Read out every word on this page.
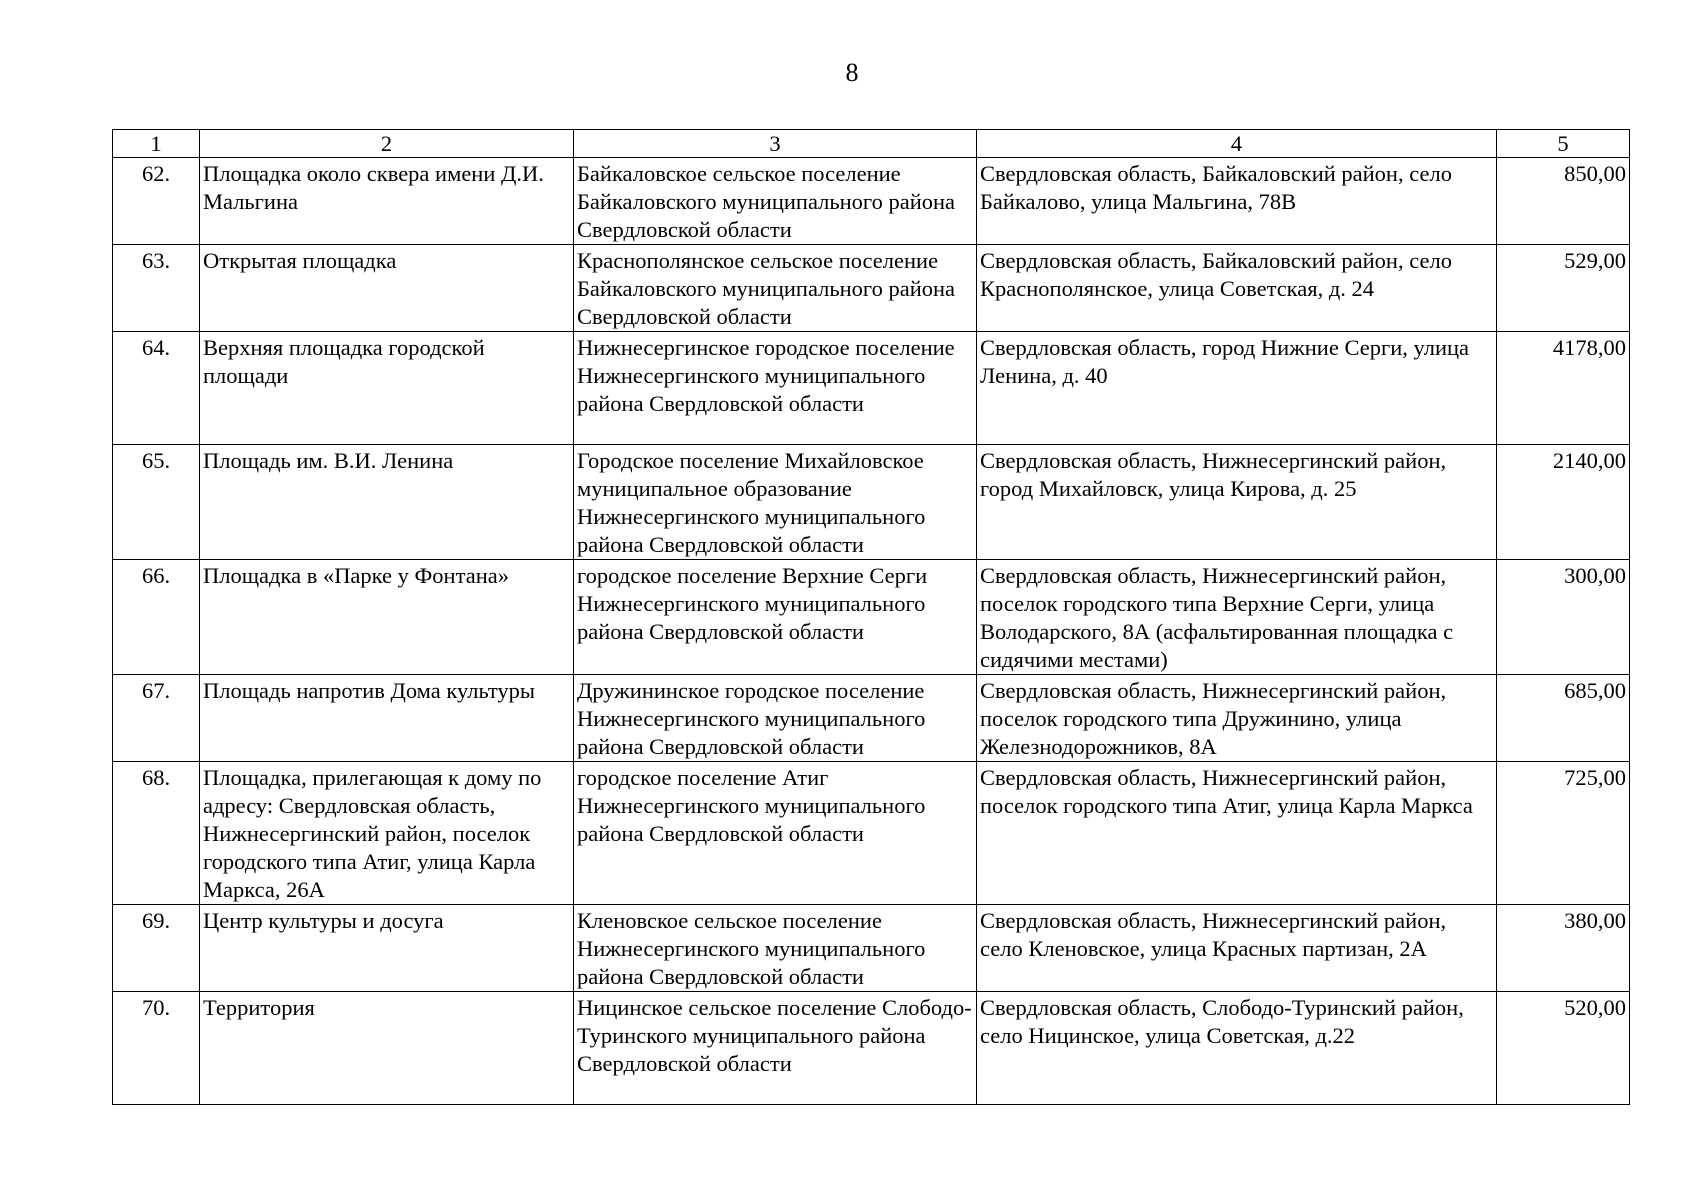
8
1	2	3	4	5
62.	Площадка около сквера имени Д.И. Мальгина	Байкаловское сельское поселение Байкаловского муниципального района Свердловской области	Свердловская область, Байкаловский район, село Байкалово, улица Мальгина, 78В	850,00
63.	Открытая площадка	Краснополянское сельское поселение Байкаловского муниципального района Свердловской области	Свердловская область, Байкаловский район, село Краснополянское, улица Советская, д. 24	529,00
64.	Верхняя площадка городской площади	Нижнесергинское городское поселение Нижнесергинского муниципального района Свердловской области	Свердловская область, город Нижние Серги, улица Ленина, д. 40	4178,00
65.	Площадь им. В.И. Ленина	Городское поселение Михайловское муниципальное образование Нижнесергинского муниципального района Свердловской области	Свердловская область, Нижнесергинский район, город Михайловск, улица Кирова, д. 25	2140,00
66.	Площадка в «Парке у Фонтана»	городское поселение Верхние Серги Нижнесергинского муниципального района Свердловской области	Свердловская область, Нижнесергинский район, поселок городского типа Верхние Серги, улица Володарского, 8А (асфальтированная площадка с сидячими местами)	300,00
67.	Площадь напротив Дома культуры	Дружининское городское поселение Нижнесергинского муниципального района Свердловской области	Свердловская область, Нижнесергинский район, поселок городского типа Дружинино, улица Железнодорожников, 8А	685,00
68.	Площадка, прилегающая к дому по адресу: Свердловская область, Нижнесергинский район, поселок городского типа Атиг, улица Карла Маркса, 26А	городское поселение Атиг Нижнесергинского муниципального района Свердловской области	Свердловская область, Нижнесергинский район, поселок городского типа Атиг, улица Карла Маркса	725,00
69.	Центр культуры и досуга	Кленовское сельское поселение Нижнесергинского муниципального района Свердловской области	Свердловская область, Нижнесергинский район, село Кленовское, улица Красных партизан, 2А	380,00
70.	Территория	Ницинское сельское поселение Слободо-Туринского муниципального района Свердловской области	Свердловская область, Слободо-Туринский район, село Ницинское, улица Советская, д.22	520,00
